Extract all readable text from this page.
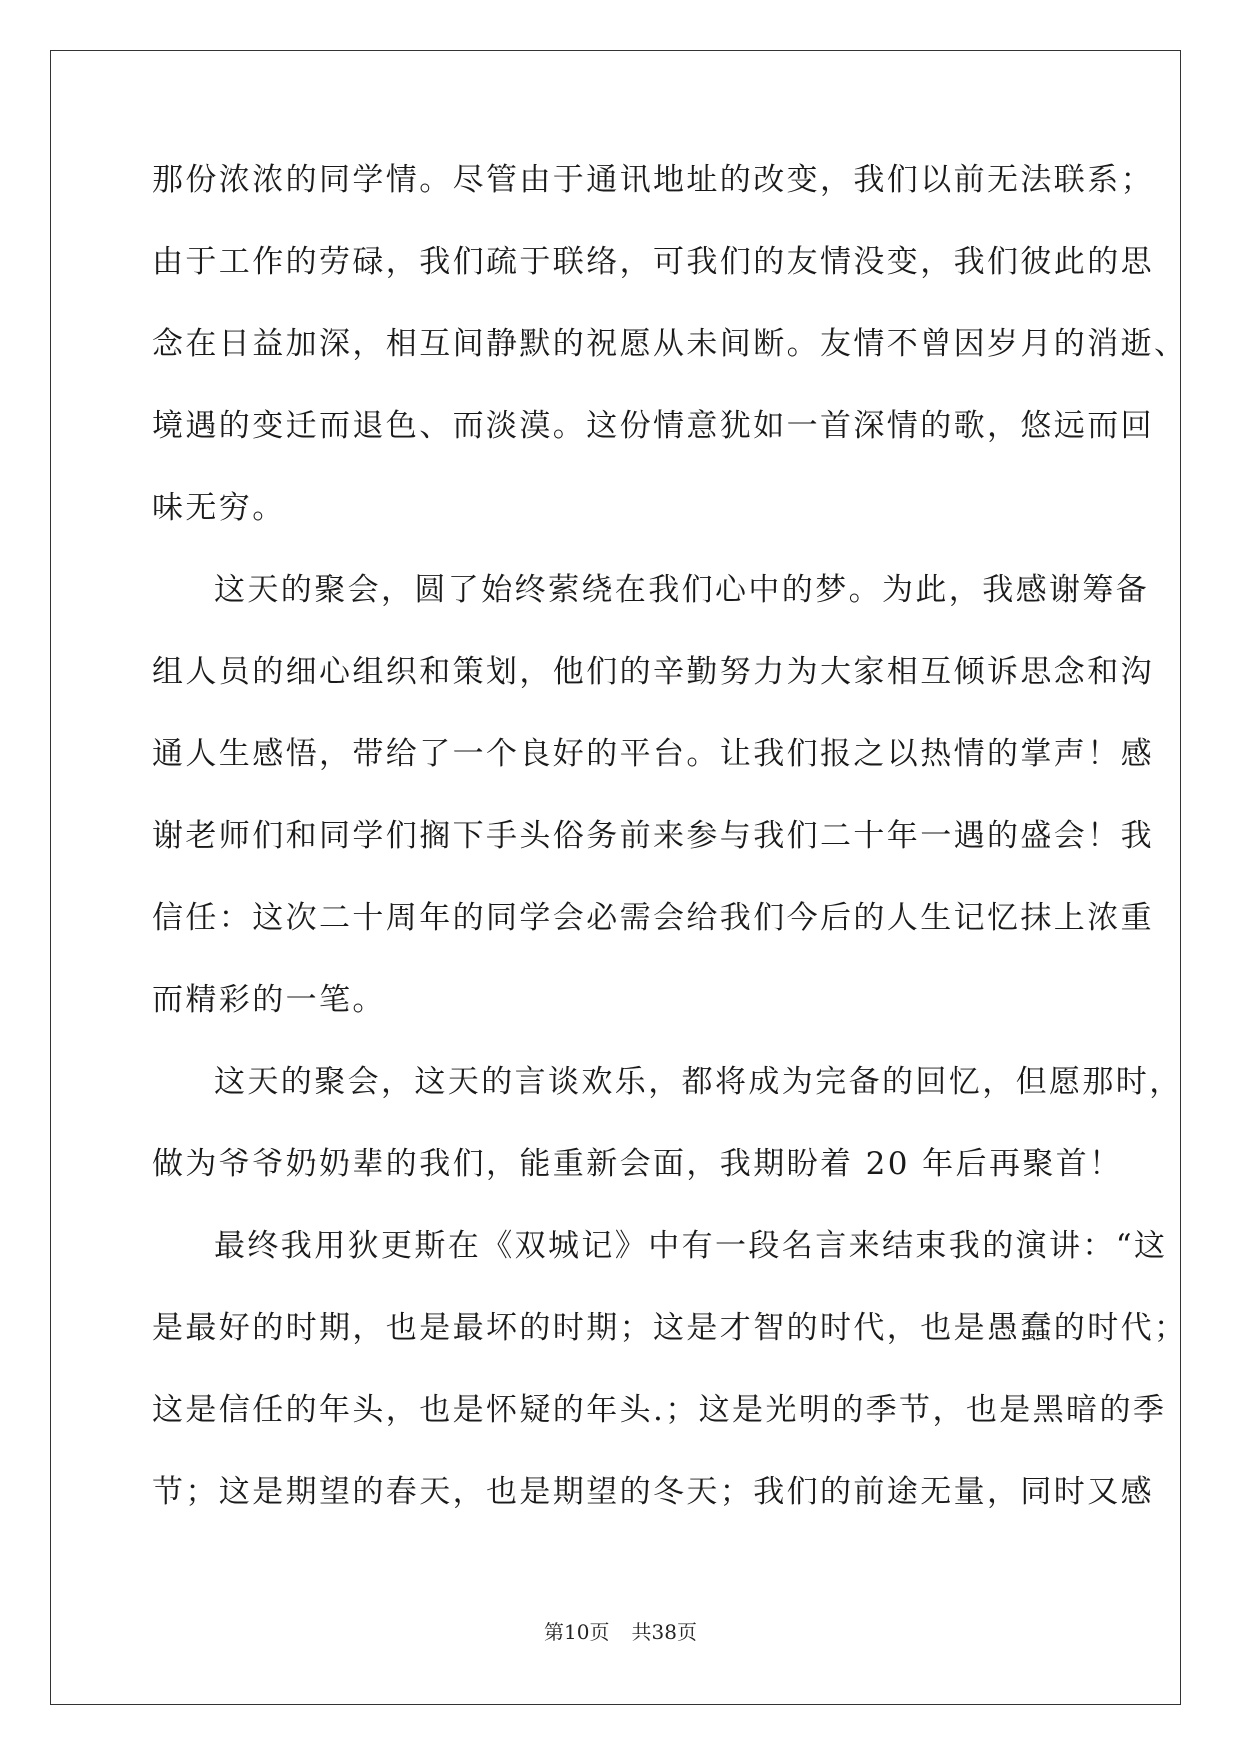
那份浓浓的同学情。尽管由于通讯地址的改变，我们以前无法联系；
由于工作的劳碌，我们疏于联络，可我们的友情没变，我们彼此的思
念在日益加深，相互间静默的祝愿从未间断。友情不曾因岁月的消逝、
境遇的变迁而退色、而淡漠。这份情意犹如一首深情的歌，悠远而回
味无穷。
这天的聚会，圆了始终萦绕在我们心中的梦。为此，我感谢筹备
组人员的细心组织和策划，他们的辛勤努力为大家相互倾诉思念和沟
通人生感悟，带给了一个良好的平台。让我们报之以热情的掌声！感
谢老师们和同学们搁下手头俗务前来参与我们二十年一遇的盛会！我
信任：这次二十周年的同学会必需会给我们今后的人生记忆抹上浓重
而精彩的一笔。
这天的聚会，这天的言谈欢乐，都将成为完备的回忆，但愿那时，
做为爷爷奶奶辈的我们，能重新会面，我期盼着 20 年后再聚首！
最终我用狄更斯在《双城记》中有一段名言来结束我的演讲：“这
是最好的时期，也是最坏的时期；这是才智的时代，也是愚蠢的时代；
这是信任的年头，也是怀疑的年头.；这是光明的季节，也是黑暗的季
节；这是期望的春天，也是期望的冬天；我们的前途无量，同时又感
第10页 共38页
